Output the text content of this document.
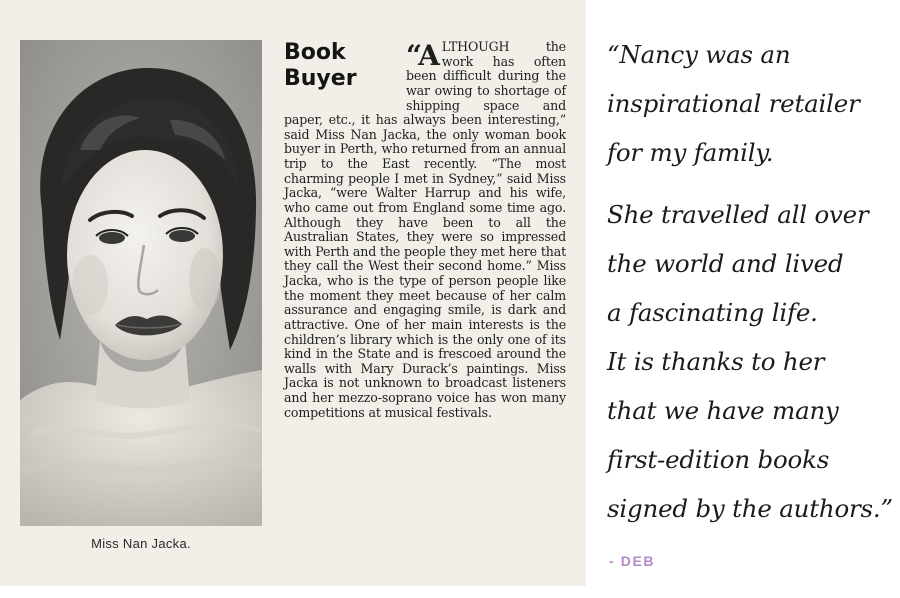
Miss Nan Jacka.
Book
Buyer
“A LTHOUGH the work has often been difficult during the war owing to shortage of shipping space and paper, etc., it has always been interesting,” said Miss Nan Jacka, the only woman book buyer in Perth, who returned from an annual trip to the East recently. “The most charming people I met in Sydney,” said Miss Jacka, “were Walter Harrup and his wife, who came out from England some time ago. Although they have been to all the Australian States, they were so impressed with Perth and the people they met here that they call the West their second home.” Miss Jacka, who is the type of person people like the moment they meet because of her calm assurance and engaging smile, is dark and attractive. One of her main interests is the children’s library which is the only one of its kind in the State and is frescoed around the walls with Mary Durack’s paintings. Miss Jacka is not unknown to broadcast listeners and her mezzo-soprano voice has won many competitions at musical festivals.
“Nancy was an
inspirational retailer
for my family.
She travelled all over
the world and lived
a fascinating life.
It is thanks to her
that we have many
first-edition books
signed by the authors.”
- DEB
